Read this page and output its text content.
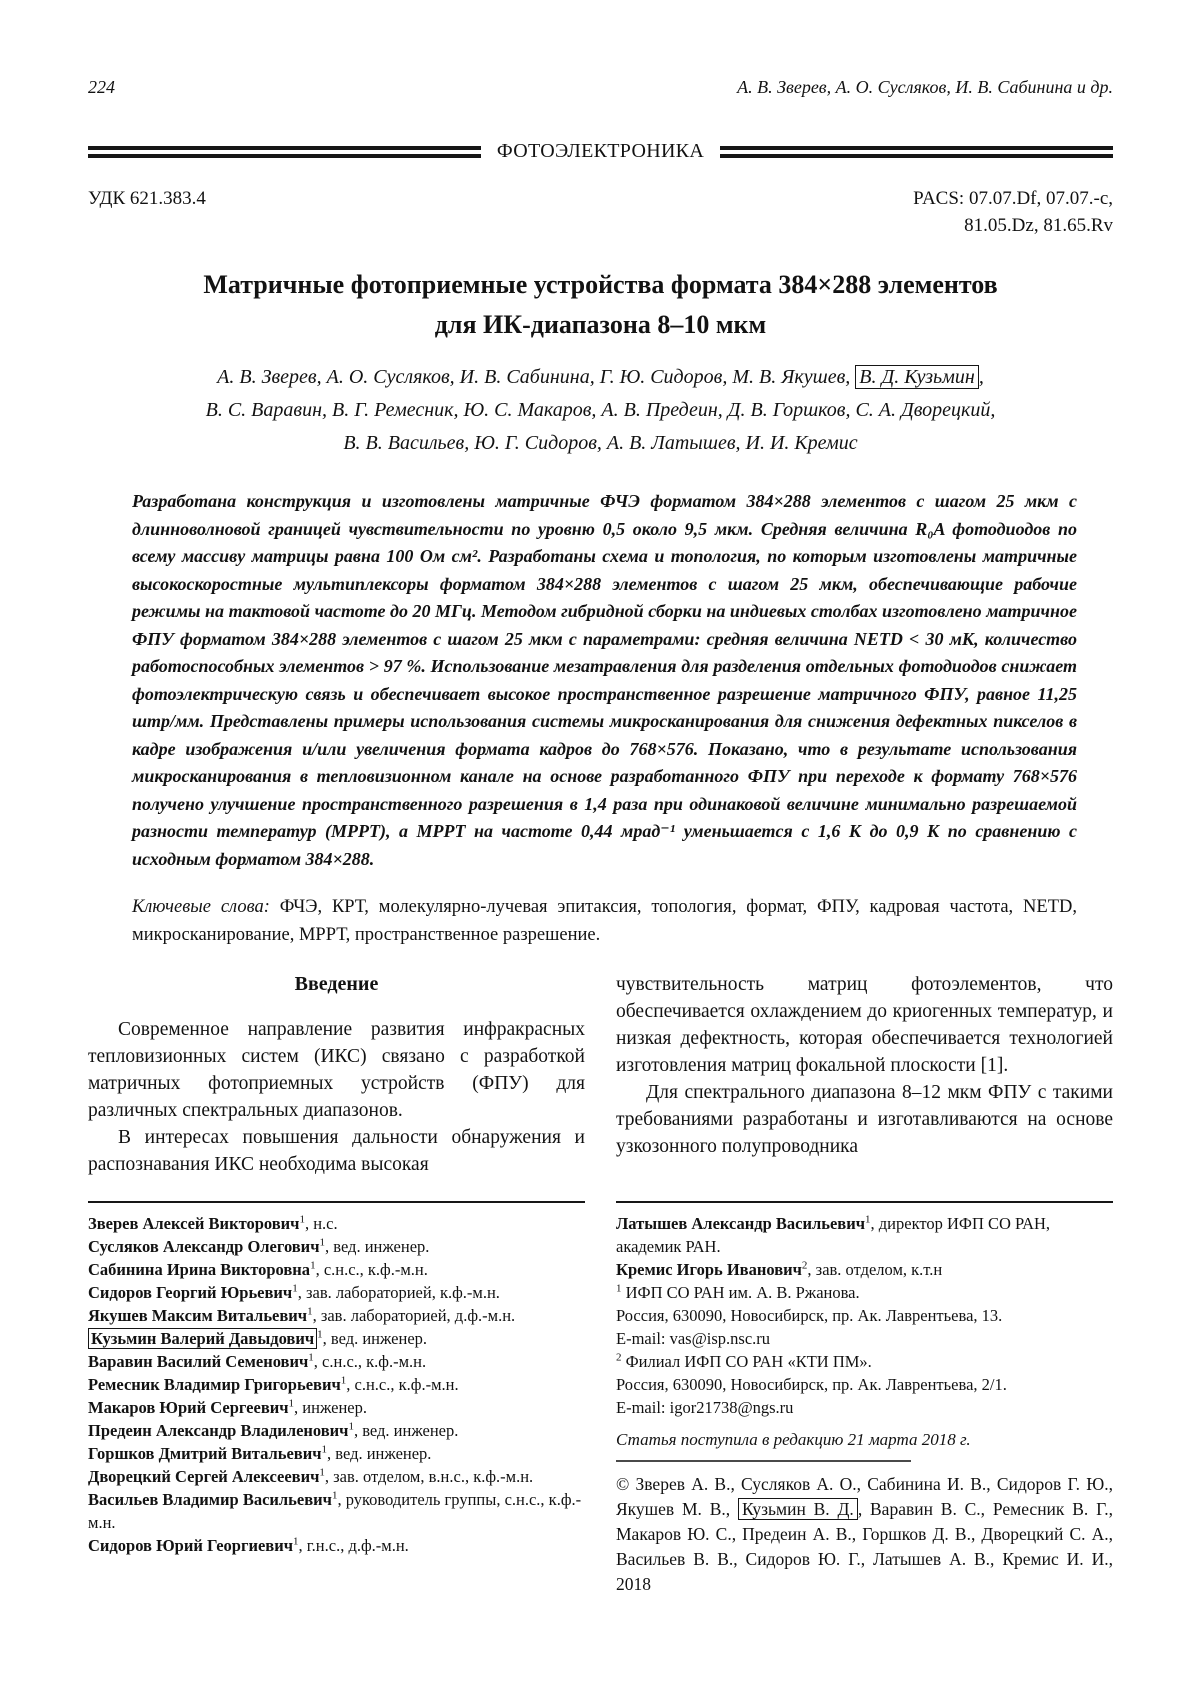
224	А. В. Зверев, А. О. Сусляков, И. В. Сабинина и др.
ФОТОЭЛЕКТРОНИКА
УДК 621.383.4	PACS: 07.07.Df, 07.07.-c,
81.05.Dz, 81.65.Rv
Матричные фотоприемные устройства формата 384×288 элементов
для ИК-диапазона 8–10 мкм
А. В. Зверев, А. О. Сусляков, И. В. Сабинина, Г. Ю. Сидоров, М. В. Якушев, В. Д. Кузьмин ,
В. С. Варавин, В. Г. Ремесник, Ю. С. Макаров, А. В. Предеин, Д. В. Горшков, С. А. Дворецкий,
В. В. Васильев, Ю. Г. Сидоров, А. В. Латышев, И. И. Кремис

Разработана конструкция и изготовлены матричные ФЧЭ форматом 384×288 элементов с шагом 25 мкм с длинноволновой границей чувствительности по уровню 0,5 около 9,5 мкм. Средняя величина R₀A фотодиодов по всему массиву матрицы равна 100 Ом см². Разработаны схема и топология, по которым изготовлены матричные высокоскоростные мультиплексоры форматом 384×288 элементов с шагом 25 мкм, обеспечивающие рабочие режимы на тактовой частоте до 20 МГц. Методом гибридной сборки на индиевых столбах изготовлено матричное ФПУ форматом 384×288 элементов с шагом 25 мкм с параметрами: средняя величина NETD < 30 мК, количество работоспособных элементов > 97 %. Использование мезатравления для разделения отдельных фотодиодов снижает фотоэлектрическую связь и обеспечивает высокое пространственное разрешение матричного ФПУ, равное 11,25 штр/мм. Представлены примеры использования системы микросканирования для снижения дефектных пикселов в кадре изображения и/или увеличения формата кадров до 768×576. Показано, что в результате использования микросканирования в тепловизионном канале на основе разработанного ФПУ при переходе к формату 768×576 получено улучшение пространственного разрешения в 1,4 раза при одинаковой величине минимально разрешаемой разности температур (МРРТ), а МРРТ на частоте 0,44 мрад⁻¹ уменьшается с 1,6 К до 0,9 К по сравнению с исходным форматом 384×288.

Ключевые слова: ФЧЭ, КРТ, молекулярно-лучевая эпитаксия, топология, формат, ФПУ, кадровая частота, NETD, микросканирование, МРРТ, пространственное разрешение.

Введение

Современное направление развития инфракрасных тепловизионных систем (ИКС) связано с разработкой матричных фотоприемных устройств (ФПУ) для различных спектральных диапазонов.

В интересах повышения дальности обнаружения и распознавания ИКС необходима высокая

Зверев Алексей Викторович$^1$, н.с.
Сусляков Александр Олегович$^1$, вед. инженер.
Сабинина Ирина Викторовна$^1$, с.н.с., к.ф.-м.н.
Сидоров Георгий Юрьевич$^1$, зав. лабораторией, к.ф.-м.н.
Якушев Максим Витальевич$^1$, зав. лабораторией, д.ф.-м.н.
Кузьмин Валерий Давыдович $^1$, вед. инженер.
Варавин Василий Семенович$^1$, с.н.с., к.ф.-м.н.
Ремесник Владимир Григорьевич$^1$, с.н.с., к.ф.-м.н.
Макаров Юрий Сергеевич$^1$, инженер.
Предеин Александр Владиленович$^1$, вед. инженер.
Горшков Дмитрий Витальевич$^1$, вед. инженер.
Дворецкий Сергей Алексеевич$^1$, зав. отделом, в.н.с., к.ф.-м.н.
Васильев Владимир Васильевич$^1$, руководитель группы, с.н.с., к.ф.-м.н.
Сидоров Юрий Георгиевич$^1$, г.н.с., д.ф.-м.н.

чувствительность матриц фотоэлементов, что обеспечивается охлаждением до криогенных температур, и низкая дефектность, которая обеспечивается технологией изготовления матриц фокальной плоскости [1].

Для спектрального диапазона 8–12 мкм ФПУ с такими требованиями разработаны и изготавливаются на основе узкозонного полупроводника

Латышев Александр Васильевич$^1$, директор ИФП СО РАН, академик РАН.
Кремис Игорь Иванович$^2$, зав. отделом, к.т.н
$^1$ ИФП СО РАН им. А. В. Ржанова.
Россия, 630090, Новосибирск, пр. Ак. Лаврентьева, 13.
E-mail: vas@isp.nsc.ru
$^2$ Филиал ИФП СО РАН «КТИ ПМ».
Россия, 630090, Новосибирск, пр. Ак. Лаврентьева, 2/1.
E-mail: igor21738@ngs.ru
Статья поступила в редакцию 21 марта 2018 г.
© Зверев А. В., Сусляков А. О., Сабинина И. В., Сидоров Г. Ю., Якушев М. В., Кузьмин В. Д. , Варавин В. С., Ремесник В. Г., Макаров Ю. С., Предеин А. В., Горшков Д. В., Дворецкий С. А., Васильев В. В., Сидоров Ю. Г., Латышев А. В., Кремис И. И., 2018
